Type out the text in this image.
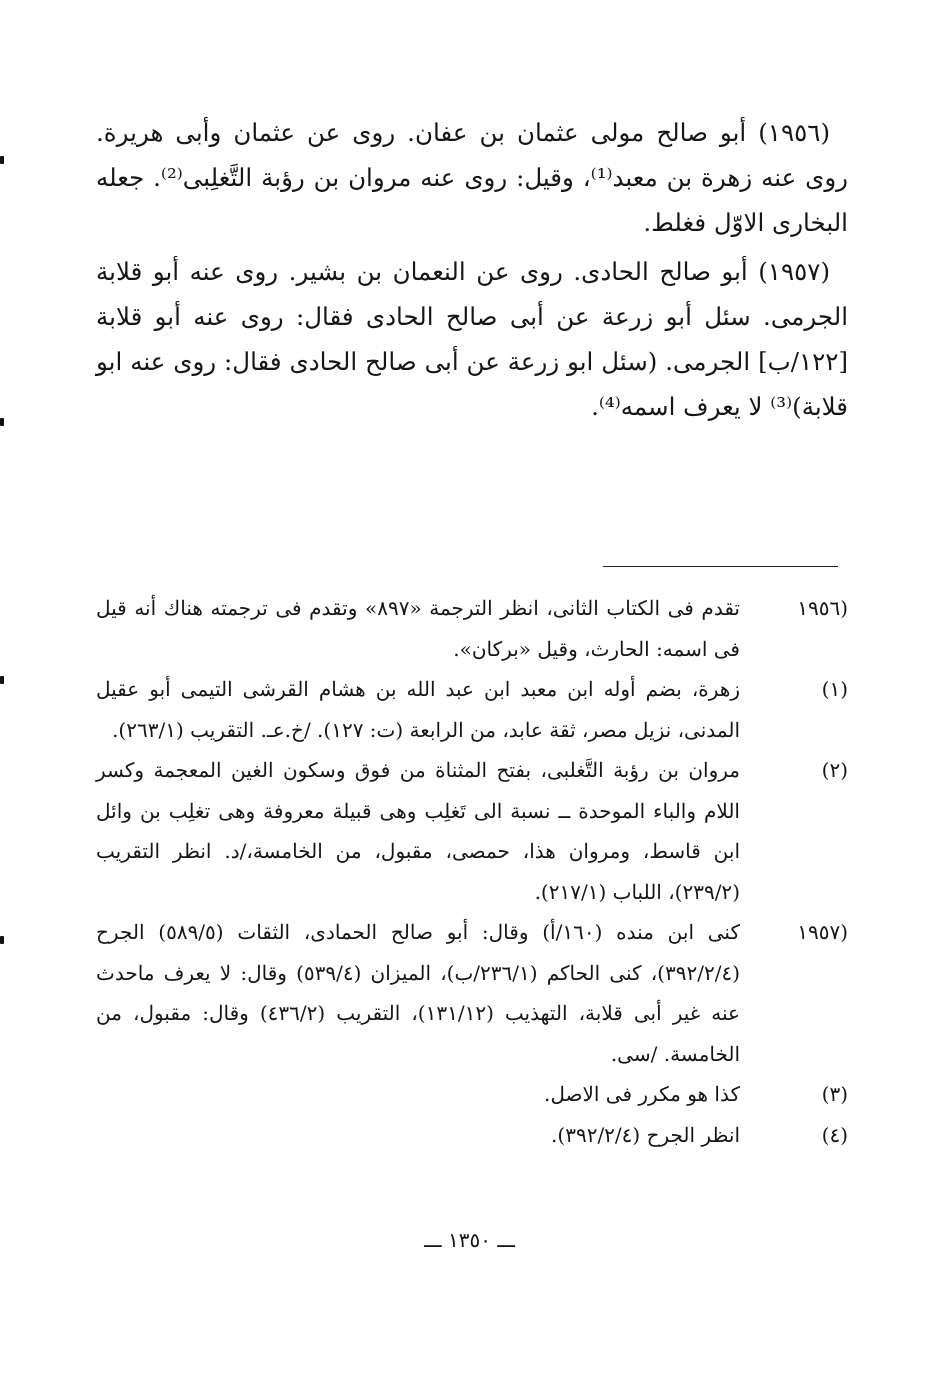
(١٩٥٦) أبو صالح مولى عثمان بن عفان. روى عن عثمان وأبى هريرة. روى عنه زهرة بن معبد⁽¹⁾، وقيل: روى عنه مروان بن رؤبة التَّغلِبى⁽²⁾. جعله البخارى الاوّل فغلط.

(١٩٥٧) أبو صالح الحادى. روى عن النعمان بن بشير. روى عنه أبو قلابة الجرمى. سئل أبو زرعة عن أبى صالح الحادى فقال: روى عنه أبو قلابة [١٢٢/ب] الجرمى. (سئل ابو زرعة عن أبى صالح الحادى فقال: روى عنه ابو قلابة)⁽³⁾ لا يعرف اسمه⁽⁴⁾.

(١٩٥٦
تقدم فى الكتاب الثانى، انظر الترجمة «٨٩٧» وتقدم فى ترجمته هناك أنه قيل فى اسمه: الحارث، وقيل «بركان».
(١)
زهرة، بضم أوله ابن معبد ابن عبد الله بن هشام القرشى التيمى أبو عقيل المدنى، نزيل مصر، ثقة عابد، من الرابعة (ت: ١٢٧). /خ.عـ. التقريب (٢٦٣/١).
(٢)
مروان بن رؤبة التَّغلبى، بفتح المثناة من فوق وسكون الغين المعجمة وكسر اللام والباء الموحدة ــ نسبة الى تَغلِب وهى قبيلة معروفة وهى تغلِب بن وائل ابن قاسط، ومروان هذا، حمصى، مقبول، من الخامسة،/د. انظر التقريب (٢٣٩/٢)، اللباب (٢١٧/١).
(١٩٥٧
كنى ابن منده (١٦٠/أ) وقال: أبو صالح الحمادى، الثقات (٥٨٩/٥) الجرح (٣٩٢/٢/٤)، كنى الحاكم (٢٣٦/١/ب)، الميزان (٥٣٩/٤) وقال: لا يعرف ماحدث عنه غير أبى قلابة، التهذيب (١٣١/١٢)، التقريب (٤٣٦/٢) وقال: مقبول، من الخامسة. /سى.
(٣)
كذا هو مكرر فى الاصل.
(٤)
انظر الجرح (٣٩٢/٢/٤).
ـــ ١٣٥٠ ـــ
